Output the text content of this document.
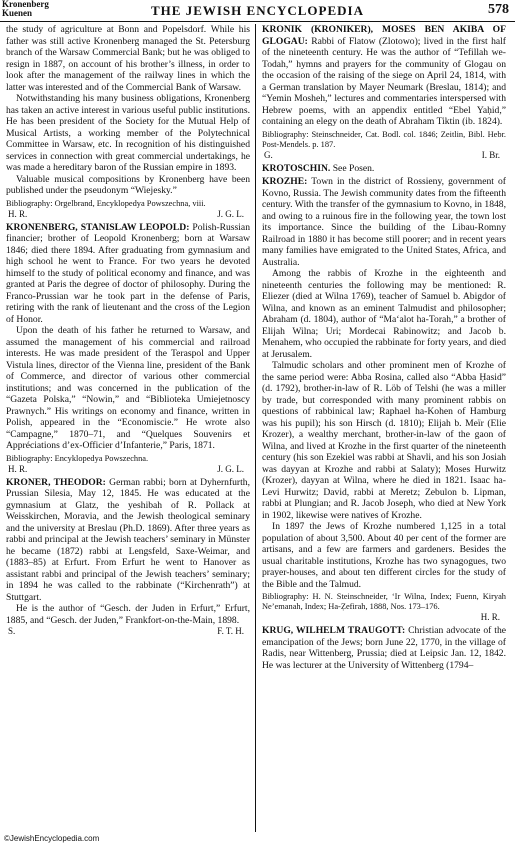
Kronenberg
Kuenen	THE JEWISH ENCYCLOPEDIA	578

the study of agriculture at Bonn and Popelsdorf. While his father was still active Kronenberg managed the St. Petersburg branch of the Warsaw Commercial Bank; but he was obliged to resign in 1887, on account of his brother’s illness, in order to look after the management of the railway lines in which the latter was interested and of the Commercial Bank of Warsaw.

Notwithstanding his many business obligations, Kronenberg has taken an active interest in various useful public institutions. He has been president of the Society for the Mutual Help of Musical Artists, a working member of the Polytechnical Committee in Warsaw, etc. In recognition of his distinguished services in connection with great commercial undertakings, he was made a hereditary baron of the Russian empire in 1893.

Valuable musical compositions by Kronenberg have been published under the pseudonym “Wiejesky.”

Bibliography: Orgelbrand, Encyklopedya Powszechna, viii.
H. R.	J. G. L.

KRONENBERG, STANISLAW LEOPOLD: Polish-Russian financier; brother of Leopold Kronenberg; born at Warsaw 1846; died there 1894. After graduating from gymnasium and high school he went to France. For two years he devoted himself to the study of political economy and finance, and was granted at Paris the degree of doctor of philosophy. During the Franco-Prussian war he took part in the defense of Paris, retiring with the rank of lieutenant and the cross of the Legion of Honor.

Upon the death of his father he returned to Warsaw, and assumed the management of his commercial and railroad interests. He was made president of the Teraspol and Upper Vistula lines, director of the Vienna line, president of the Bank of Commerce, and director of various other commercial institutions; and was concerned in the publication of the “Gazeta Polska,” “Nowin,” and “Biblioteka Umiejetnoscy Prawnych.” His writings on economy and finance, written in Polish, appeared in the “Economiscie.” He wrote also “Campagne,” 1870–71, and “Quelques Souvenirs et Appréciations d’ex-Officier d’Infanterie,” Paris, 1871.

Bibliography: Encyklopedya Powszechna.
H. R.	J. G. L.

KRONER, THEODOR: German rabbi; born at Dyhernfurth, Prussian Silesia, May 12, 1845. He was educated at the gymnasium at Glatz, the yeshibah of R. Pollack at Weisskirchen, Moravia, and the Jewish theological seminary and the university at Breslau (Ph.D. 1869). After three years as rabbi and principal at the Jewish teachers’ seminary in Münster he became (1872) rabbi at Lengsfeld, Saxe-Weimar, and (1883–85) at Erfurt. From Erfurt he went to Hanover as assistant rabbi and principal of the Jewish teachers’ seminary; in 1894 he was called to the rabbinate (“Kirchenrath”) at Stuttgart.

He is the author of “Gesch. der Juden in Erfurt,” Erfurt, 1885, and “Gesch. der Juden,” Frankfort-on-the-Main, 1898.

S.	F. T. H.

KRONIK (KRONIKER), MOSES BEN AKIBA OF GLOGAU: Rabbi of Flatow (Zlotowo); lived in the first half of the nineteenth century. He was the author of “Tefillah we-Todah,” hymns and prayers for the community of Glogau on the occasion of the raising of the siege on April 24, 1814, with a German translation by Mayer Neumark (Breslau, 1814); and “Yemin Mosheh,” lectures and commentaries interspersed with Hebrew poems, with an appendix entitled “Ebel Yaḥid,” containing an elegy on the death of Abraham Tiktin (ib. 1824).

Bibliography: Steinschneider, Cat. Bodl. col. 1846; Zeitlin, Bibl. Hebr. Post-Mendels. p. 187.
G.	I. Br.

KROTOSCHIN. See Posen.

KROZHE: Town in the district of Rossieny, government of Kovno, Russia. The Jewish community dates from the fifteenth century. With the transfer of the gymnasium to Kovno, in 1848, and owing to a ruinous fire in the following year, the town lost its importance. Since the building of the Libau-Romny Railroad in 1880 it has become still poorer; and in recent years many families have emigrated to the United States, Africa, and Australia.

Among the rabbis of Krozhe in the eighteenth and nineteenth centuries the following may be mentioned: R. Eliezer (died at Wilna 1769), teacher of Samuel b. Abigdor of Wilna, and known as an eminent Talmudist and philosopher; Abraham (d. 1804), author of “Ma‘alot ha-Torah,” a brother of Elijah Wilna; Uri; Mordecai Rabinowitz; and Jacob b. Menahem, who occupied the rabbinate for forty years, and died at Jerusalem.

Talmudic scholars and other prominent men of Krozhe of the same period were: Abba Rosina, called also “Abba Ḥasid” (d. 1792), brother-in-law of R. Löb of Telshi (he was a miller by trade, but corresponded with many prominent rabbis on questions of rabbinical law; Raphael ha-Kohen of Hamburg was his pupil); his son Hirsch (d. 1810); Elijah b. Meïr (Elie Krozer), a wealthy merchant, brother-in-law of the gaon of Wilna, and lived at Krozhe in the first quarter of the nineteenth century (his son Ezekiel was rabbi at Shavli, and his son Josiah was dayyan at Krozhe and rabbi at Salaty); Moses Hurwitz (Krozer), dayyan at Wilna, where he died in 1821. Isaac ha-Levi Hurwitz; David, rabbi at Meretz; Zebulon b. Lipman, rabbi at Plungian; and R. Jacob Joseph, who died at New York in 1902, likewise were natives of Krozhe.

In 1897 the Jews of Krozhe numbered 1,125 in a total population of about 3,500. About 40 per cent of the former are artisans, and a few are farmers and gardeners. Besides the usual charitable institutions, Krozhe has two synagogues, two prayer-houses, and about ten different circles for the study of the Bible and the Talmud.

Bibliography: H. N. Steinschneider, ‘Ir Wilna, Index; Fuenn, Kiryah Ne’emanah, Index; Ha-Ẓefirah, 1888, Nos. 173–176.
H. R.

KRUG, WILHELM TRAUGOTT: Christian advocate of the emancipation of the Jews; born June 22, 1770, in the village of Radis, near Wittenberg, Prussia; died at Leipsic Jan. 12, 1842. He was lecturer at the University of Wittenberg (1794–

©JewishEncyclopedia.com
